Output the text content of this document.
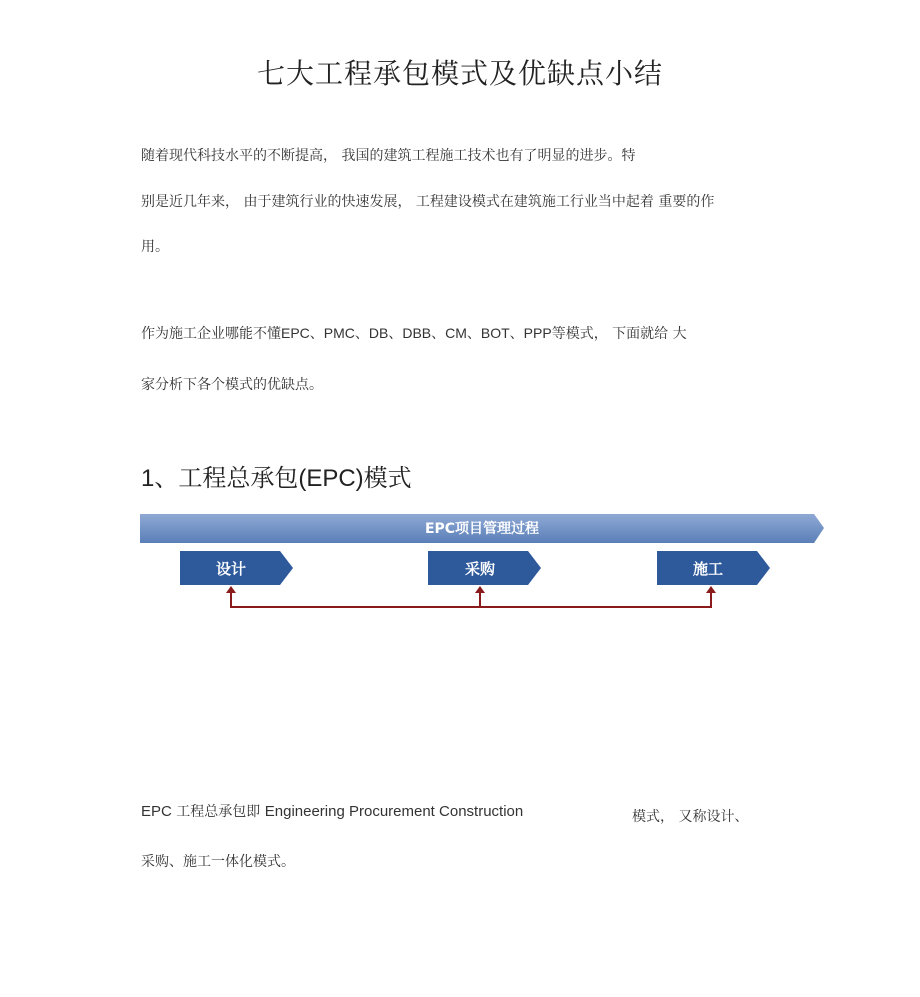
七大工程承包模式及优缺点小结
随着现代科技水平的不断提高， 我国的建筑工程施工技术也有了明显的进步。特
别是近几年来， 由于建筑行业的快速发展， 工程建设模式在建筑施工行业当中起着 重要的作
用。
作为施工企业哪能不懂EPC、PMC、DB、DBB、CM、BOT、PPP等模式， 下面就给 大
家分析下各个模式的优缺点。
1、工程总承包(EPC)模式
EPC项目管理过程
设计	采购	施工
EPC 工程总承包即 Engineering Procurement Construction	模式， 又称设计、
采购、施工一体化模式。
